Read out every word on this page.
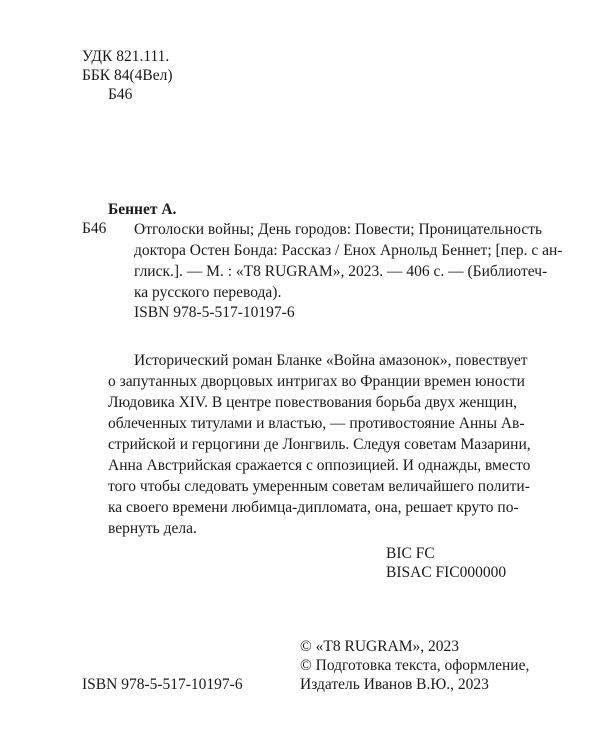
УДК 821.111.
ББК 84(4Вел)
Б46
Беннет А.
Б46 Отголоски войны; День городов: Повести; Проницательность
доктора Остен Бонда: Рассказ / Енох Арнольд Беннет; [пер. с ан-
глиск.]. — М. : «T8 RUGRAM», 2023. — 406 с. — (Библиотеч-
ка русского перевода).
ISBN 978-5-517-10197-6
Исторический роман Бланке «Война амазонок», повествует
о запутанных дворцовых интригах во Франции времен юности
Людовика XIV. В центре повествования борьба двух женщин,
облеченных титулами и властью, — противостояние Анны Ав-
стрийской и герцогини де Лонгвиль. Следуя советам Мазарини,
Анна Австрийская сражается с оппозицией. И однажды, вместо
того чтобы следовать умеренным советам величайшего полити-
ка своего времени любимца-дипломата, она, решает круто по-
вернуть дела.
BIC FC
BISAC FIC000000
ISBN 978-5-517-10197-6
© «T8 RUGRAM», 2023
© Подготовка текста, оформление,
Издатель Иванов В.Ю., 2023
